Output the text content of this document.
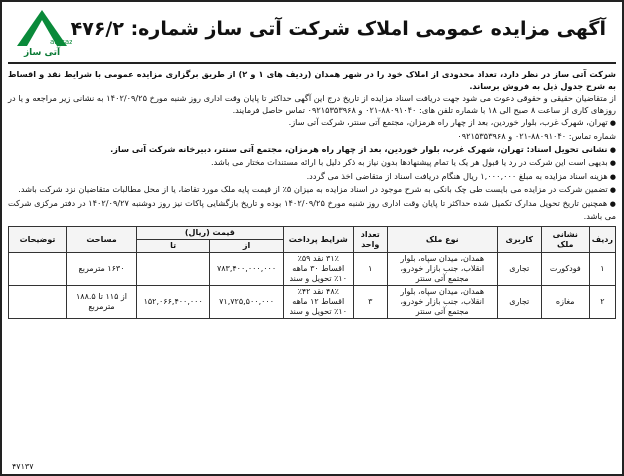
آگهی مزایده عمومی املاک شرکت آتی ساز شماره: ۴۷۶/۲
ati saz
آتی ساز

شرکت آتی ساز در نظر دارد، تعداد محدودی از املاک خود را در شهر همدان (ردیف های ۱ و ۲) از طریق برگزاری مزایده عمومی با شرایط نقد و اقساط به شرح جدول ذیل به فروش برساند.

از متقاضیان حقیقی و حقوقی دعوت می شود جهت دریافت اسناد مزایده از تاریخ درج این آگهی حداکثر تا پایان وقت اداری روز شنبه مورخ ۱۴۰۲/۰۹/۲۵ به نشانی زیر مراجعه و یا در روزهای کاری از ساعت ۸ صبح الی ۱۸ با شماره تلفن های: ۸۸۰۹۱۰۴۰-۰۲۱ و ۰۹۲۱۵۳۵۳۹۶۸ تماس حاصل فرمایند.

● تهران، شهرک غرب، بلوار خوردین، بعد از چهار راه هرمزان، مجتمع آتی سنتر، شرکت آتی ساز.

شماره تماس: ۸۸۰۹۱۰۴۰-۰۲۱ و ۰۹۲۱۵۳۵۳۹۶۸

● نشانی تحویل اسناد: تهران، شهرک غرب، بلوار خوردین، بعد از چهار راه هرمزان، مجتمع آتی سنتر، دبیرخانه شرکت آتی ساز.

● بدیهی است این شرکت در رد یا قبول هر یک یا تمام پیشنهادها بدون نیاز به ذکر دلیل با ارائه مستندات مختار می باشد.

● هزینه اسناد مزایده به مبلغ ۱,۰۰۰,۰۰۰ ریال هنگام دریافت اسناد از متقاضی اخذ می گردد.

● تضمین شرکت در مزایده می بایست طی چک بانکی به شرح موجود در اسناد مزایده به میزان ۵٪ از قیمت پایه ملک مورد تقاضا، یا از محل مطالبات متقاضیان نزد شرکت باشد.

● همچنین تاریخ تحویل مدارک تکمیل شده حداکثر تا پایان وقت اداری روز شنبه مورخ ۱۴۰۲/۰۹/۲۵ بوده و تاریخ بازگشایی پاکات نیز روز دوشنبه ۱۴۰۲/۰۹/۲۷ در دفتر مرکزی شرکت می باشد.

ردیف	نشانی ملک	کاربری	نوع ملک	تعداد واحد	شرایط پرداخت	قیمت (ریال)		مساحت	توضیحات
						از	تا		
۱	فودکورت	تجاری	همدان، میدان سپاه، بلوار انقلاب، جنب بازار خودرو، مجتمع آتی سنتر	۱	۳۱٪ نقد ۵۹٪ اقساط ۳۰ ماهه ۱۰٪ تحویل و سند	۷۸۳,۴۰۰,۰۰۰,۰۰۰		۱۶۳۰ مترمربع	
۲	مغازه	تجاری	همدان، میدان سپاه، بلوار انقلاب، جنب بازار خودرو، مجتمع آتی سنتر	۳	۴۸٪ نقد ۴۲٪ اقساط ۱۲ ماهه ۱۰٪ تحویل و سند	۷۱,۷۲۵,۵۰۰,۰۰۰	۱۵۲,۰۶۶,۴۰۰,۰۰۰	از ۱۱۵ تا ۱۸۸.۵ مترمربع	
۴۷۱۳۷
